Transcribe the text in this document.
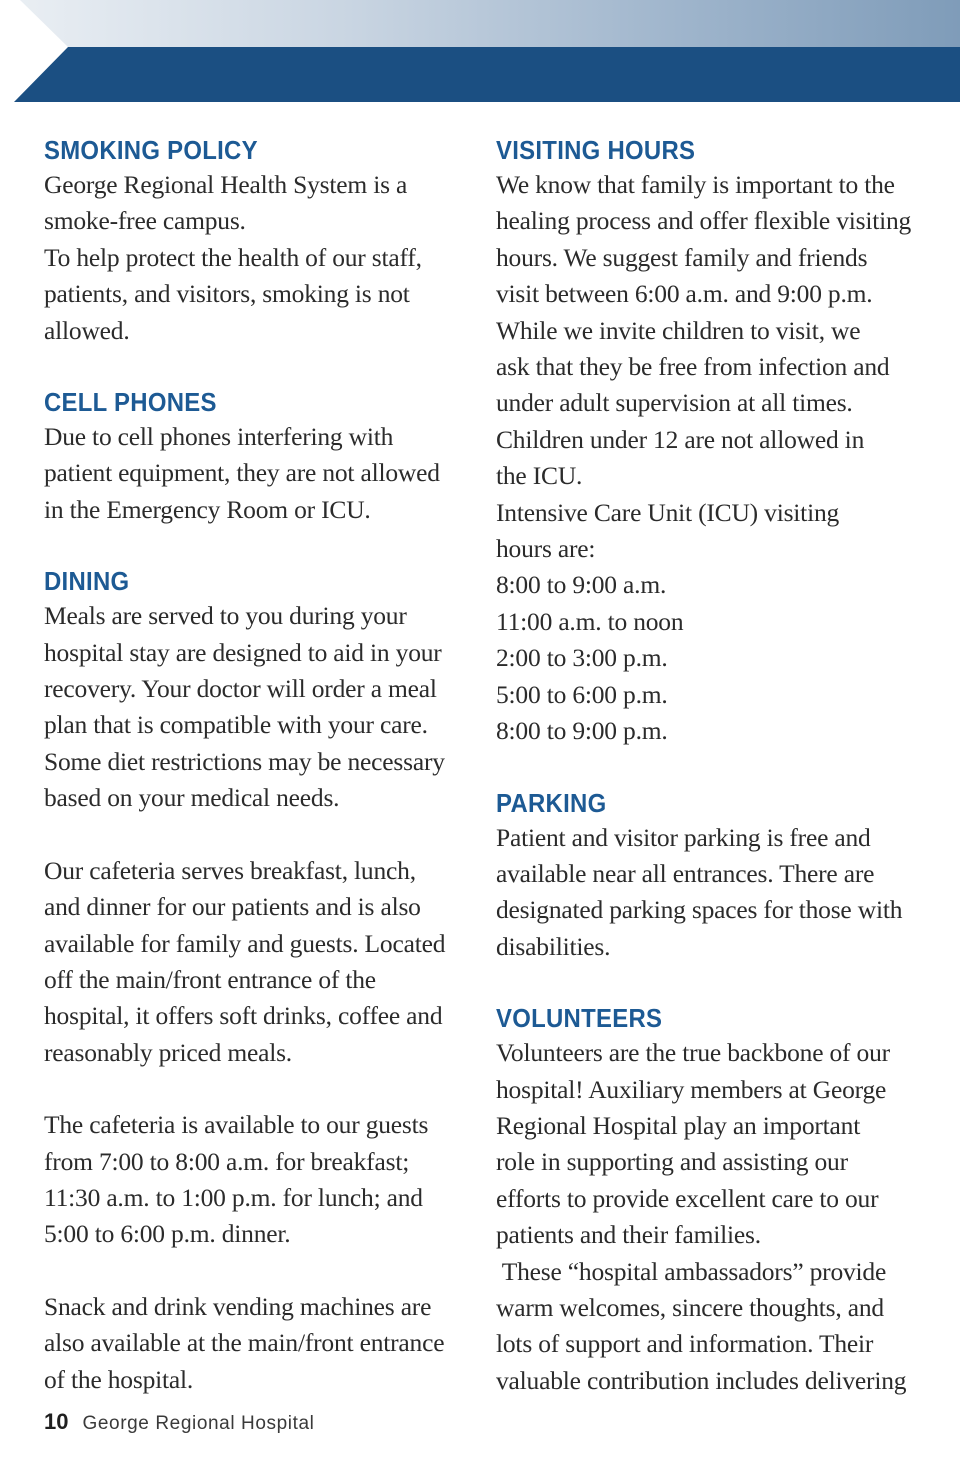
SMOKING POLICY
George Regional Health System is a
smoke-free campus.
To help protect the health of our staff,
patients, and visitors, smoking is not
allowed.
CELL PHONES
Due to cell phones interfering with
patient equipment, they are not allowed
in the Emergency Room or ICU.
DINING
Meals are served to you during your
hospital stay are designed to aid in your
recovery. Your doctor will order a meal
plan that is compatible with your care.
Some diet restrictions may be necessary
based on your medical needs.
Our cafeteria serves breakfast, lunch,
and dinner for our patients and is also
available for family and guests. Located
off the main/front entrance of the
hospital, it offers soft drinks, coffee and
reasonably priced meals.
The cafeteria is available to our guests
from 7:00 to 8:00 a.m. for breakfast;
11:30 a.m. to 1:00 p.m. for lunch; and
5:00 to 6:00 p.m. dinner.
Snack and drink vending machines are
also available at the main/front entrance
of the hospital.
VISITING HOURS
We know that family is important to the
healing process and offer flexible visiting
hours. We suggest family and friends
visit between 6:00 a.m. and 9:00 p.m.
While we invite children to visit, we
ask that they be free from infection and
under adult supervision at all times.
Children under 12 are not allowed in
the ICU.
Intensive Care Unit (ICU) visiting
hours are:
8:00 to 9:00 a.m.
11:00 a.m. to noon
2:00 to 3:00 p.m.
5:00 to 6:00 p.m.
8:00 to 9:00 p.m.
PARKING
Patient and visitor parking is free and
available near all entrances. There are
designated parking spaces for those with
disabilities.
VOLUNTEERS
Volunteers are the true backbone of our
hospital! Auxiliary members at George
Regional Hospital play an important
role in supporting and assisting our
efforts to provide excellent care to our
patients and their families.
These “hospital ambassadors” provide
warm welcomes, sincere thoughts, and
lots of support and information. Their
valuable contribution includes delivering
10 George Regional Hospital
